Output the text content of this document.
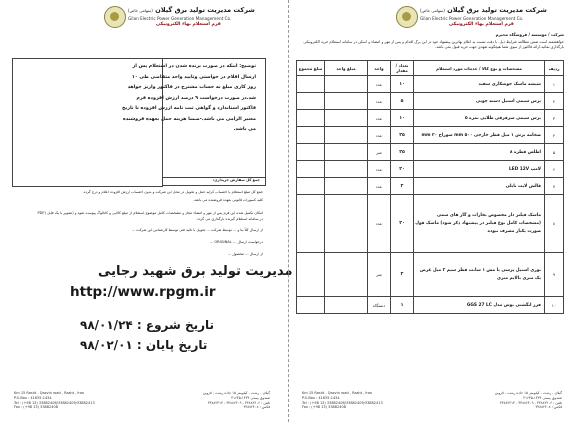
شرکت مدیریت تولید برق گیلان (سهامی خاص)
Gilan Electric Power Generation Management Co.
فرم استعلام بهاء الکترونیکی
توضیح: اینکه در صورت برنده شدن در استعلام پس از
ارسال اقلام در خواستی وتایید واحد متقاضی طی ۱۰
روز کاری مبلغ به حساب مشترح در فاکتور واریز خواهد
شد.در صورت درخواست ۹ درصد ارزش افزوده فرم
فاکتور استاندارد و گواهی ثبت نامه ارزش افزوده تا تاریخ
معتبر الزامی می باشد.-ضمنا هزینه حمل بعهده فروشنده
می باشد.
جمع کل سفارش خریداری:
جمع کل مبلغ استعلام با احتساب کرایه حمل و تحویل در محل این شرکت و بدون احتساب ارزش افزوده اعلام و درج گردد.
کلیه کسورات قانونی بعهده فروشنده می باشد.
امکان تکمیل شده این فرم پس از مهر و امضاء مجاز و مشخصات کامل موضوع استعلام از مبلغ کالایی و کاتالوگ پیوست شود و (تصویر با یک فایل (PDF
در سامانه استعلام گیرنده بارگذاری می گردد.
از ارسال کلاً بنا و ... توسط شرکت ... تحویل با تائید فنی توسط کارشناس این شرکت ...
درخواست ارسال ... ORIGINAL ...
از ارسال ... محصول ...
مدیریت تولید برق شهید رجایی
http://www.rpgm.ir
تاریخ شروع : ۹۸/۰۱/۲۴
تاریخ پایان : ۹۸/۰۲/۰۱
Km 15 Rasht - Qazvin road , Rasht , Iran
P.O.Box : 41635-1434
Tel : (+98 13) 33882406/33882409/33882413
Fax : (+98 13) 33882408
گیلان - رشت - کیلومتر ۱۵ جاده رشت - قزوین
صندوق پستی ۱۴۳۴-۴۱۶۳۵
تلفن : ۳۳۸۸۲۴۰۶ - ۳۳۸۸۲۴۰۹ - ۳۳۸۸۲۴۱۳
فکس : ۳۳۸۸۲۴۰۸
شرکت مدیریت تولید برق گیلان (سهامی خاص)
Gilan Electric Power Generation Management Co.
فرم استعلام بهاء الکترونیکی
شرکت / موسسه / فروشگاه محترم
خواهشمند است ضمن مطالعه شرایط ذیل، با دقت نسبت به اعلام بهاترین پیشنهاد خود در این برگ اقدام و پس از مهر و امضاء و اسکن در سامانه استعلام خرید الکترونیکی بارگذاری نمائید.ارائه فاکتور از سوی شما هیچگونه تعهدی جهت خرید قبول نمی باشد.
ردیف	مشخصات و نوع کالا / خدمات مورد استعلام	تعداد / مقدار	واحد	مبلغ واحد	مبلغ مجموع
۱	شیشه ماسک جوشکاری سفید	۱۰	عدد		
۲	برس سیمی استیل دسته چوبی	۵	عدد		
۳	برس سیمی سرفرقی طلایی نمره ۵	۱۰	عدد		
۴	ضخامه برش ۱ میل قطر خارجی ۵۰۰ mm سوراخ mm ۳۰	۲۵	عدد		
۵	اطلس قطره ۸	۲۵	متر		
۶	لامپ LED 12V	۲۰	عدد		
۷	قالش لایت تایلی	۲	عدد		
۸	ماسک فیلتر دار مخصوص بخارات و گاز های سمی (مشخصات کامل نوع فیلتر در پیشنهاد ذکر شود) ماسک فول صورت بکبار مصرف نبوده	۲۰	عدد		
۹	نوری استیل پرسی با مش ۱ سانت قطر سیم ۳ میل عرض یک متری بالایم متری	۲	متر		
۱۰	فرز انگشتی بوش مدل GGS 27 LC	۱	دستگاه		
Km 15 Rasht - Qazvin road , Rasht , Iran
P.O.Box : 41635-1434
Tel : (+98 13) 33882406/33882409/33882413
Fax : (+98 13) 33882408
گیلان - رشت - کیلومتر ۱۵ جاده رشت - قزوین
صندوق پستی ۱۴۳۴-۴۱۶۳۵
تلفن : ۳۳۸۸۲۴۰۶ - ۳۳۸۸۲۴۰۹ - ۳۳۸۸۲۴۱۳
فکس : ۳۳۸۸۲۴۰۸
